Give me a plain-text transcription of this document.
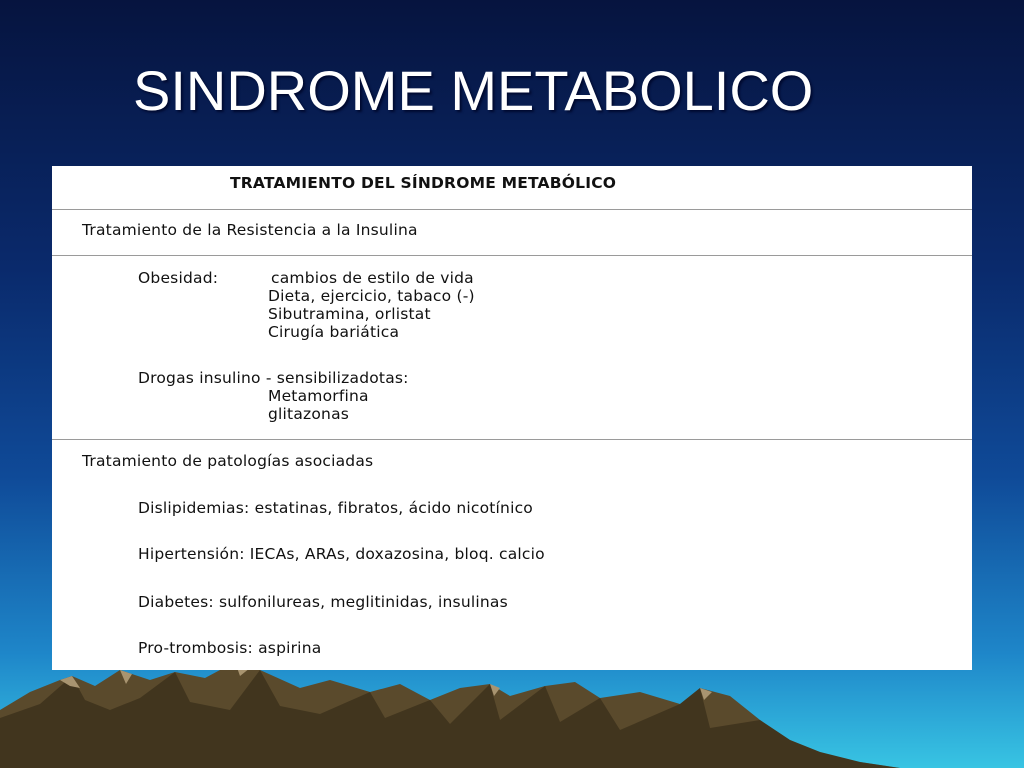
SINDROME METABOLICO
TRATAMIENTO DEL SÍNDROME METABÓLICO
Tratamiento de la Resistencia a la Insulina
Obesidad:	cambios de estilo de vida
Dieta, ejercicio, tabaco (-)
Sibutramina, orlistat
Cirugía bariática
Drogas insulino - sensibilizadotas:
Metamorfina
glitazonas
Tratamiento de patologías asociadas
Dislipidemias: estatinas, fibratos, ácido nicotínico
Hipertensión: IECAs, ARAs, doxazosina, bloq. calcio
Diabetes: sulfonilureas, meglitinidas, insulinas
Pro-trombosis: aspirina
